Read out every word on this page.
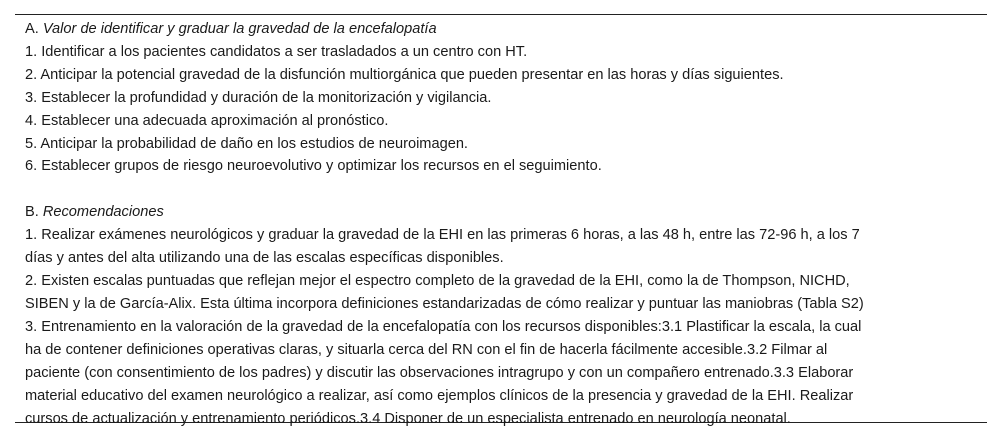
A. Valor de identificar y graduar la gravedad de la encefalopatía
1. Identificar a los pacientes candidatos a ser trasladados a un centro con HT.
2. Anticipar la potencial gravedad de la disfunción multiorgánica que pueden presentar en las horas y días siguientes.
3. Establecer la profundidad y duración de la monitorización y vigilancia.
4. Establecer una adecuada aproximación al pronóstico.
5. Anticipar la probabilidad de daño en los estudios de neuroimagen.
6. Establecer grupos de riesgo neuroevolutivo y optimizar los recursos en el seguimiento.
B. Recomendaciones
1. Realizar exámenes neurológicos y graduar la gravedad de la EHI en las primeras 6 horas, a las 48 h, entre las 72-96 h, a los 7
días y antes del alta utilizando una de las escalas específicas disponibles.
2. Existen escalas puntuadas que reflejan mejor el espectro completo de la gravedad de la EHI, como la de Thompson, NICHD,
SIBEN y la de García-Alix. Esta última incorpora definiciones estandarizadas de cómo realizar y puntuar las maniobras (Tabla S2)
3. Entrenamiento en la valoración de la gravedad de la encefalopatía con los recursos disponibles:3.1 Plastificar la escala, la cual
ha de contener definiciones operativas claras, y situarla cerca del RN con el fin de hacerla fácilmente accesible.3.2 Filmar al
paciente (con consentimiento de los padres) y discutir las observaciones intragrupo y con un compañero entrenado.3.3 Elaborar
material educativo del examen neurológico a realizar, así como ejemplos clínicos de la presencia y gravedad de la EHI. Realizar
cursos de actualización y entrenamiento periódicos.3.4 Disponer de un especialista entrenado en neurología neonatal.
